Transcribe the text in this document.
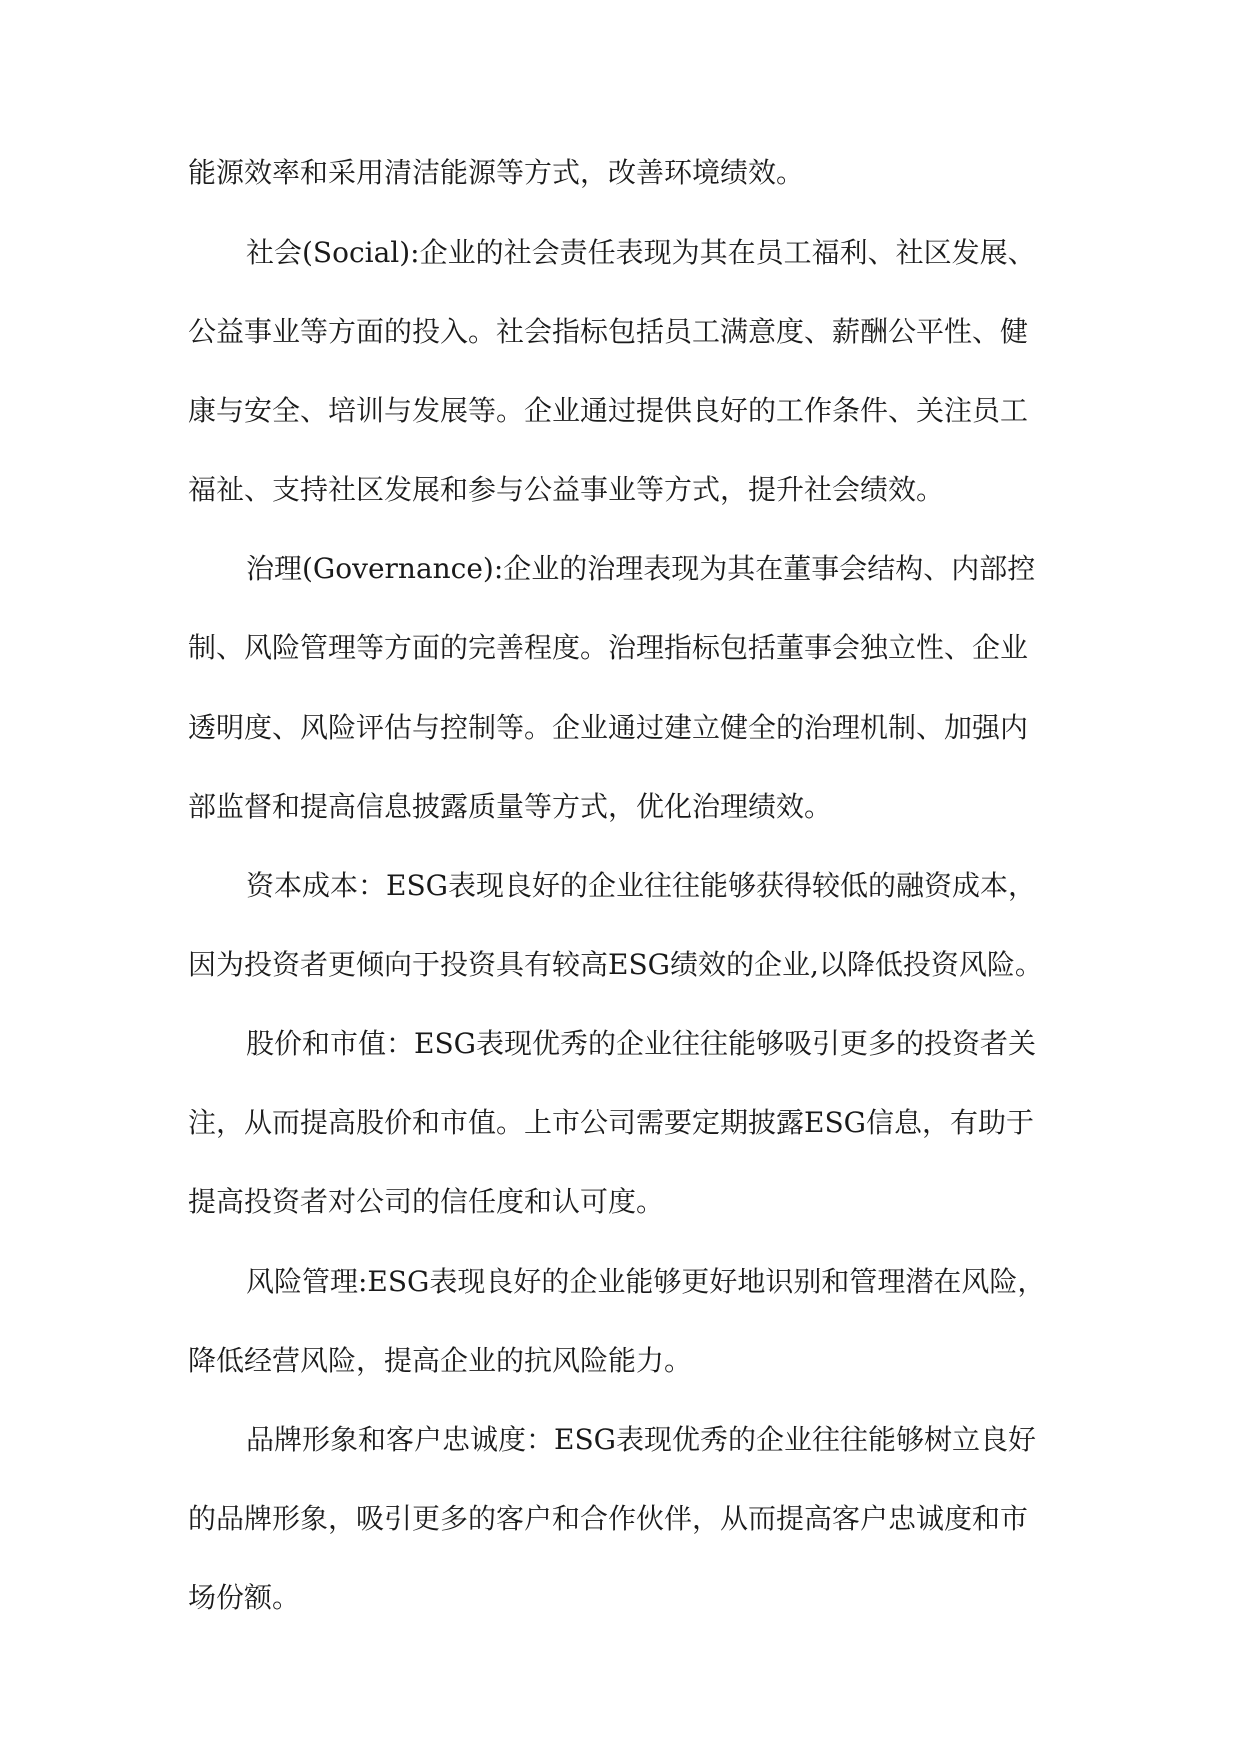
能源效率和采用清洁能源等方式，改善环境绩效。
社会(Social):企业的社会责任表现为其在员工福利、社区发展、
公益事业等方面的投入。社会指标包括员工满意度、薪酬公平性、健
康与安全、培训与发展等。企业通过提供良好的工作条件、关注员工
福祉、支持社区发展和参与公益事业等方式，提升社会绩效。
治理(Governance):企业的治理表现为其在董事会结构、内部控
制、风险管理等方面的完善程度。治理指标包括董事会独立性、企业
透明度、风险评估与控制等。企业通过建立健全的治理机制、加强内
部监督和提高信息披露质量等方式，优化治理绩效。
资本成本：ESG表现良好的企业往往能够获得较低的融资成本，
因为投资者更倾向于投资具有较高ESG绩效的企业,以降低投资风险。
股价和市值：ESG表现优秀的企业往往能够吸引更多的投资者关
注，从而提高股价和市值。上市公司需要定期披露ESG信息，有助于
提高投资者对公司的信任度和认可度。
风险管理:ESG表现良好的企业能够更好地识别和管理潜在风险，
降低经营风险，提高企业的抗风险能力。
品牌形象和客户忠诚度：ESG表现优秀的企业往往能够树立良好
的品牌形象，吸引更多的客户和合作伙伴，从而提高客户忠诚度和市
场份额。
